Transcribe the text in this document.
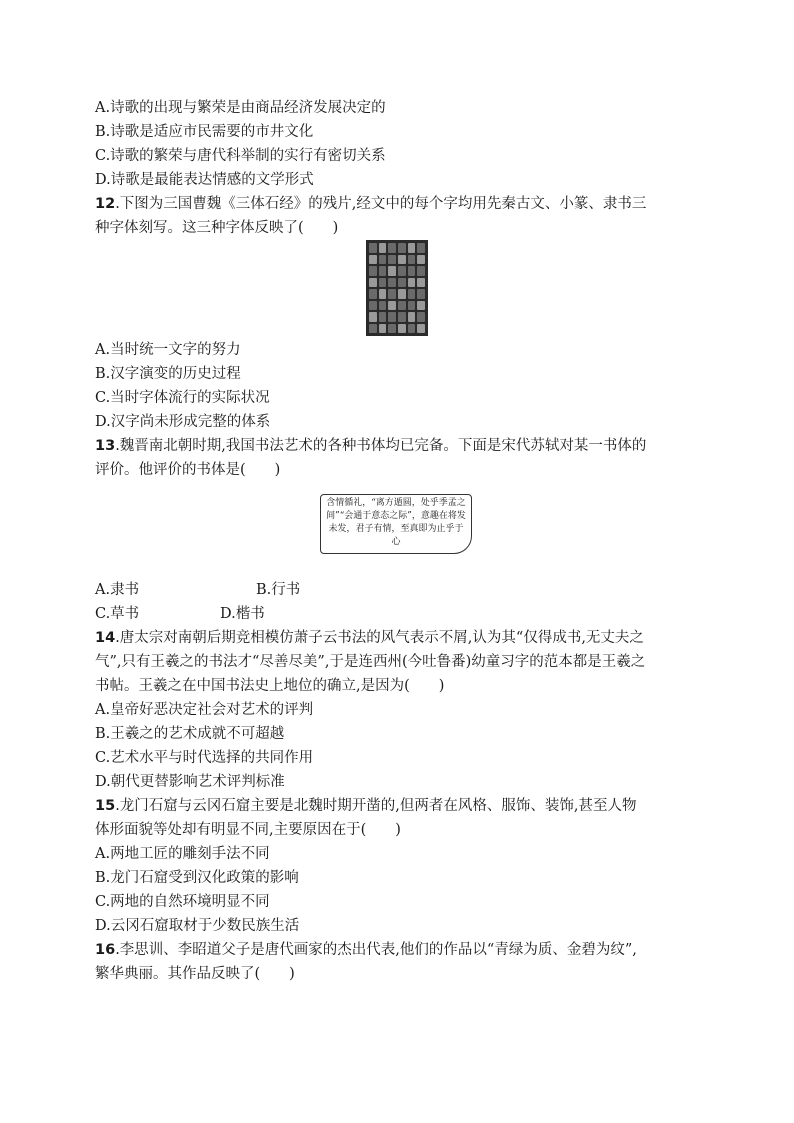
A.诗歌的出现与繁荣是由商品经济发展决定的
B.诗歌是适应市民需要的市井文化
C.诗歌的繁荣与唐代科举制的实行有密切关系
D.诗歌是最能表达情感的文学形式
12.下图为三国曹魏《三体石经》的残片,经文中的每个字均用先秦古文、小篆、隶书三
种字体刻写。这三种字体反映了(　　)
A.当时统一文字的努力
B.汉字演变的历史过程
C.当时字体流行的实际状况
D.汉字尚未形成完整的体系
13.魏晋南北朝时期,我国书法艺术的各种书体均已完备。下面是宋代苏轼对某一书体的
评价。他评价的书体是(　　)
含情循礼，“离方遁圆，处乎季孟之间”“会通于意态之际”，意趣在将发未发，君子有情，至真即为止乎于心
A.隶书	B.行书
C.草书	D.楷书
14.唐太宗对南朝后期竞相模仿萧子云书法的风气表示不屑,认为其“仅得成书,无丈夫之
气”,只有王羲之的书法才“尽善尽美”,于是连西州(今吐鲁番)幼童习字的范本都是王羲之
书帖。王羲之在中国书法史上地位的确立,是因为(　　)
A.皇帝好恶决定社会对艺术的评判
B.王羲之的艺术成就不可超越
C.艺术水平与时代选择的共同作用
D.朝代更替影响艺术评判标准
15.龙门石窟与云冈石窟主要是北魏时期开凿的,但两者在风格、服饰、装饰,甚至人物
体形面貌等处却有明显不同,主要原因在于(　　)
A.两地工匠的雕刻手法不同
B.龙门石窟受到汉化政策的影响
C.两地的自然环境明显不同
D.云冈石窟取材于少数民族生活
16.李思训、李昭道父子是唐代画家的杰出代表,他们的作品以“青绿为质、金碧为纹”,
繁华典丽。其作品反映了(　　)
